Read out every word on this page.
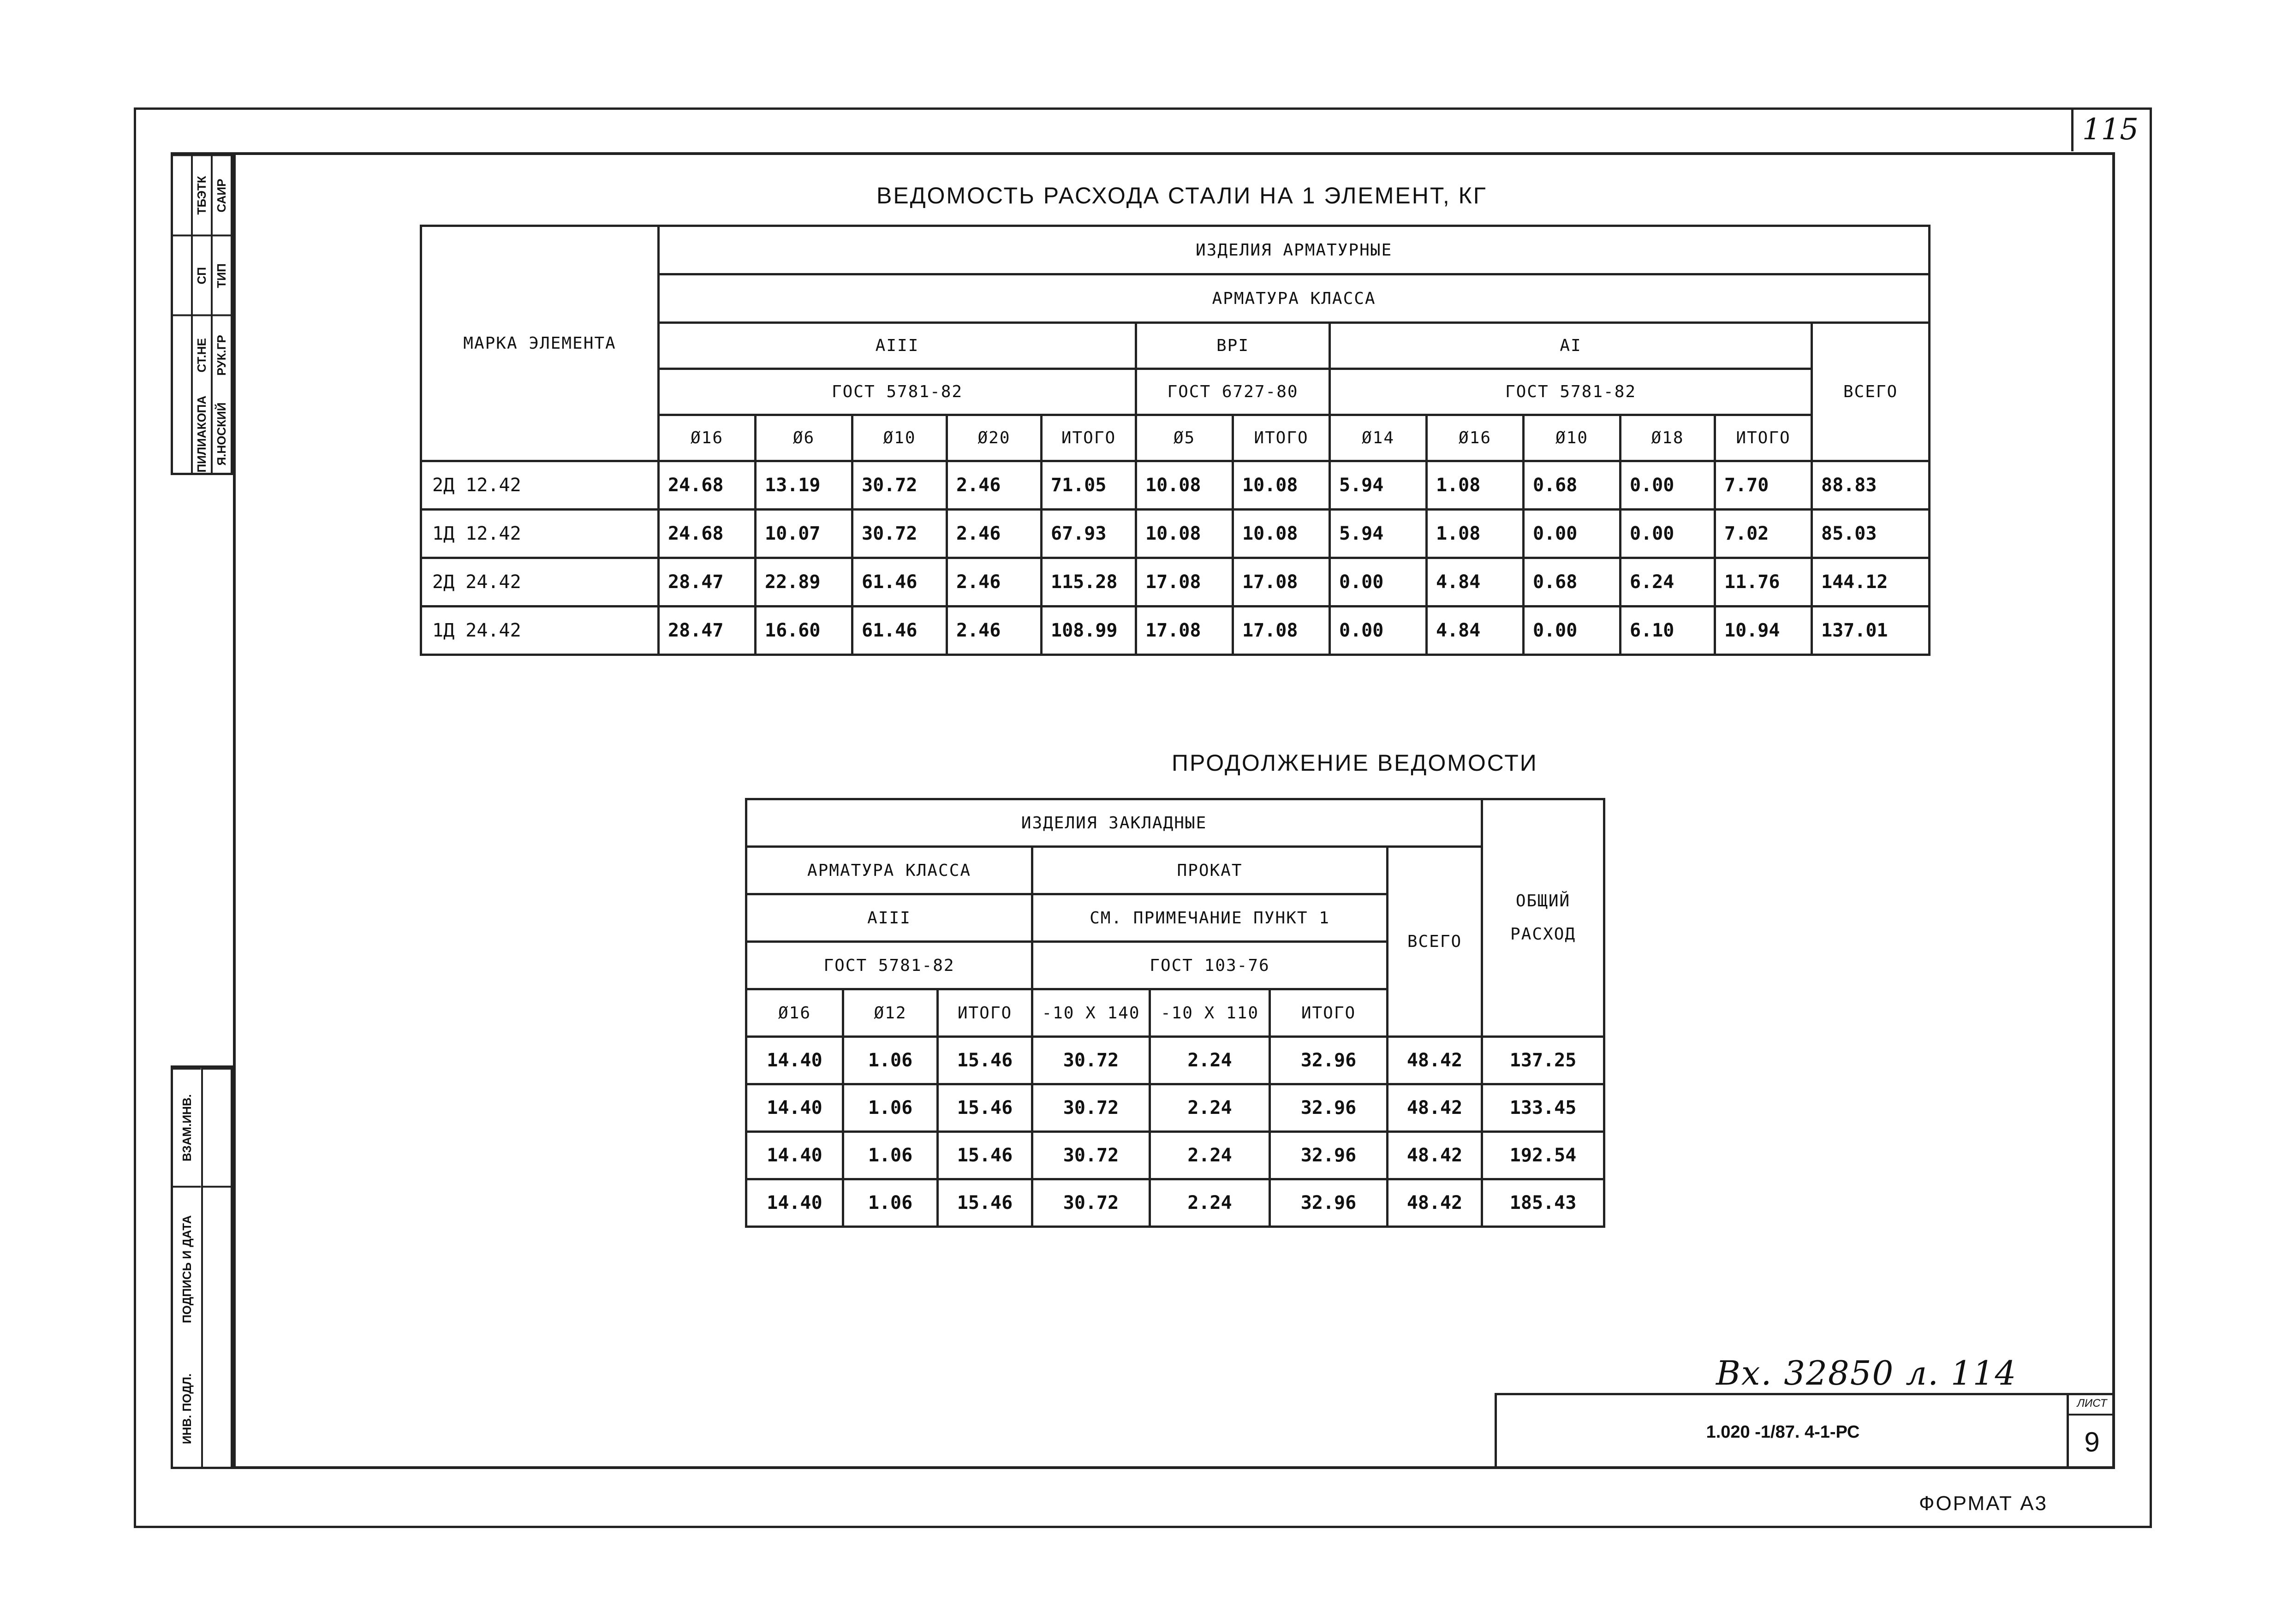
115
ТБЭТК
СП
СТ.НЕ
ПИЛИАКОПА
САИР
ТИП
РУК.ГР
Я.НОСКИЙ
ВЗАМ.ИНВ.
ПОДПИСЬ И ДАТА
ИНВ. ПОДЛ.
ВЕДОМОСТЬ РАСХОДА СТАЛИ НА 1 ЭЛЕМЕНТ, КГ
МАРКА ЭЛЕМЕНТА	ИЗДЕЛИЯ АРМАТУРНЫЕ												
	АРМАТУРА КЛАССА												
	АIII					ВРI		АI					ВСЕГО
	ГОСТ 5781-82					ГОСТ 6727-80		ГОСТ 5781-82					
	Ø16	Ø6	Ø10	Ø20	ИТОГО	Ø5	ИТОГО	Ø14	Ø16	Ø10	Ø18	ИТОГО	
2Д 12.42	24.68	13.19	30.72	2.46	71.05	10.08	10.08	5.94	1.08	0.68	0.00	7.70	88.83
1Д 12.42	24.68	10.07	30.72	2.46	67.93	10.08	10.08	5.94	1.08	0.00	0.00	7.02	85.03
2Д 24.42	28.47	22.89	61.46	2.46	115.28	17.08	17.08	0.00	4.84	0.68	6.24	11.76	144.12
1Д 24.42	28.47	16.60	61.46	2.46	108.99	17.08	17.08	0.00	4.84	0.00	6.10	10.94	137.01
ПРОДОЛЖЕНИЕ ВЕДОМОСТИ
ИЗДЕЛИЯ ЗАКЛАДНЫЕ							ОБЩИЙ РАСХОД
АРМАТУРА КЛАССА			ПРОКАТ			ВСЕГО	
АIII			СМ. ПРИМЕЧАНИЕ ПУНКТ 1				
ГОСТ 5781-82			ГОСТ 103-76				
Ø16	Ø12	ИТОГО	-10 Х 140	-10 Х 110	ИТОГО		

14.40	1.06	15.46	30.72	2.24	32.96	48.42	137.25
14.40	1.06	15.46	30.72	2.24	32.96	48.42	133.45
14.40	1.06	15.46	30.72	2.24	32.96	48.42	192.54
14.40	1.06	15.46	30.72	2.24	32.96	48.42	185.43
Вх. 32850 л. 114
1.020 -1/87. 4-1-РС
ЛИСТ
9
ФОРМАТ А3
